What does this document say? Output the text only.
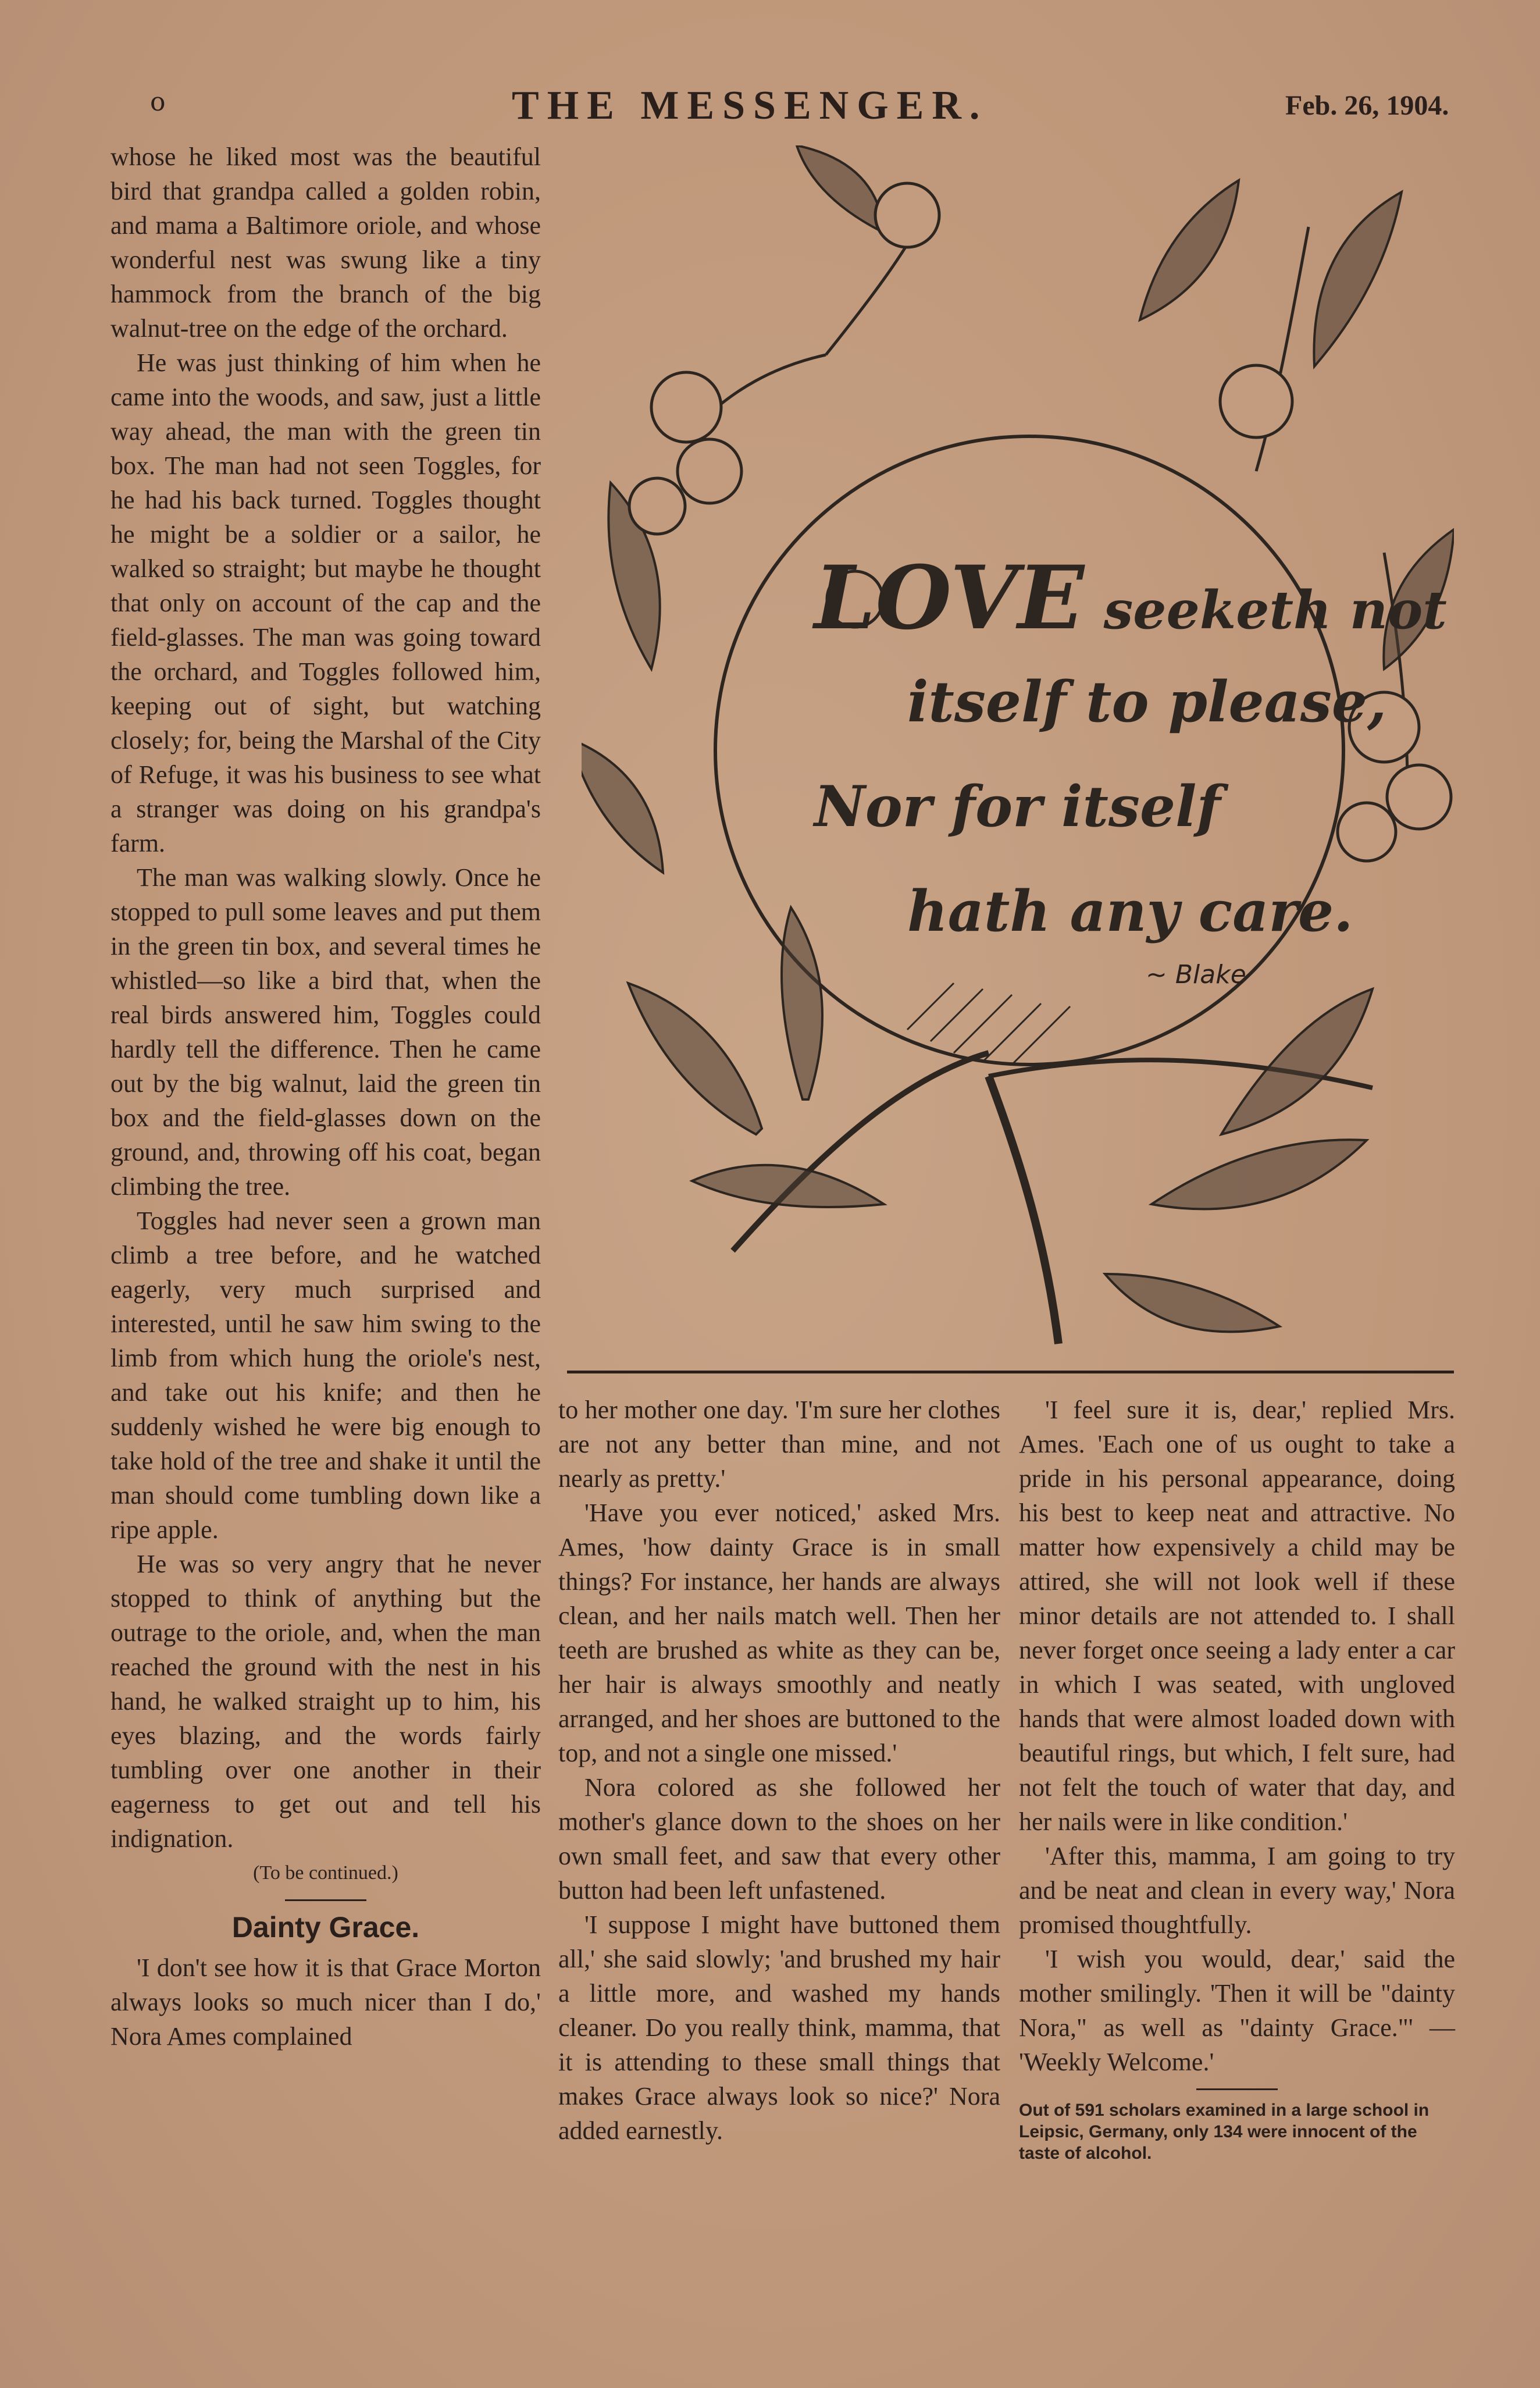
o	THE MESSENGER.	Feb. 26, 1904.

whose he liked most was the beautiful bird that grandpa called a golden robin, and mama a Baltimore oriole, and whose wonderful nest was swung like a tiny hammock from the branch of the big walnut-tree on the edge of the orchard.

He was just thinking of him when he came into the woods, and saw, just a little way ahead, the man with the green tin box. The man had not seen Toggles, for he had his back turned. Toggles thought he might be a soldier or a sailor, he walked so straight; but maybe he thought that only on account of the cap and the field-glasses. The man was going toward the orchard, and Toggles followed him, keeping out of sight, but watching closely; for, being the Marshal of the City of Refuge, it was his business to see what a stranger was doing on his grandpa's farm.

The man was walking slowly. Once he stopped to pull some leaves and put them in the green tin box, and several times he whistled—so like a bird that, when the real birds answered him, Toggles could hardly tell the difference. Then he came out by the big walnut, laid the green tin box and the field-glasses down on the ground, and, throwing off his coat, began climbing the tree.

Toggles had never seen a grown man climb a tree before, and he watched eagerly, very much surprised and interested, until he saw him swing to the limb from which hung the oriole's nest, and take out his knife; and then he suddenly wished he were big enough to take hold of the tree and shake it until the man should come tumbling down like a ripe apple.

He was so very angry that he never stopped to think of anything but the outrage to the oriole, and, when the man reached the ground with the nest in his hand, he walked straight up to him, his eyes blazing, and the words fairly tumbling over one another in their eagerness to get out and tell his indignation.

(To be continued.)

Dainty Grace.

'I don't see how it is that Grace Morton always looks so much nicer than I do,' Nora Ames complained

LOVE seeketh not
itself to please,
Nor for itself
hath any care.
~ Blake

to her mother one day. 'I'm sure her clothes are not any better than mine, and not nearly as pretty.'

'Have you ever noticed,' asked Mrs. Ames, 'how dainty Grace is in small things? For instance, her hands are always clean, and her nails match well. Then her teeth are brushed as white as they can be, her hair is always smoothly and neatly arranged, and her shoes are buttoned to the top, and not a single one missed.'

Nora colored as she followed her mother's glance down to the shoes on her own small feet, and saw that every other button had been left unfastened.

'I suppose I might have buttoned them all,' she said slowly; 'and brushed my hair a little more, and washed my hands cleaner. Do you really think, mamma, that it is attending to these small things that makes Grace always look so nice?' Nora added earnestly.

'I feel sure it is, dear,' replied Mrs. Ames. 'Each one of us ought to take a pride in his personal appearance, doing his best to keep neat and attractive. No matter how expensively a child may be attired, she will not look well if these minor details are not attended to. I shall never forget once seeing a lady enter a car in which I was seated, with ungloved hands that were almost loaded down with beautiful rings, but which, I felt sure, had not felt the touch of water that day, and her nails were in like condition.'

'After this, mamma, I am going to try and be neat and clean in every way,' Nora promised thoughtfully.

'I wish you would, dear,' said the mother smilingly. 'Then it will be "dainty Nora," as well as "dainty Grace."' — 'Weekly Welcome.'

Out of 591 scholars examined in a large school in Leipsic, Germany, only 134 were innocent of the taste of alcohol.
